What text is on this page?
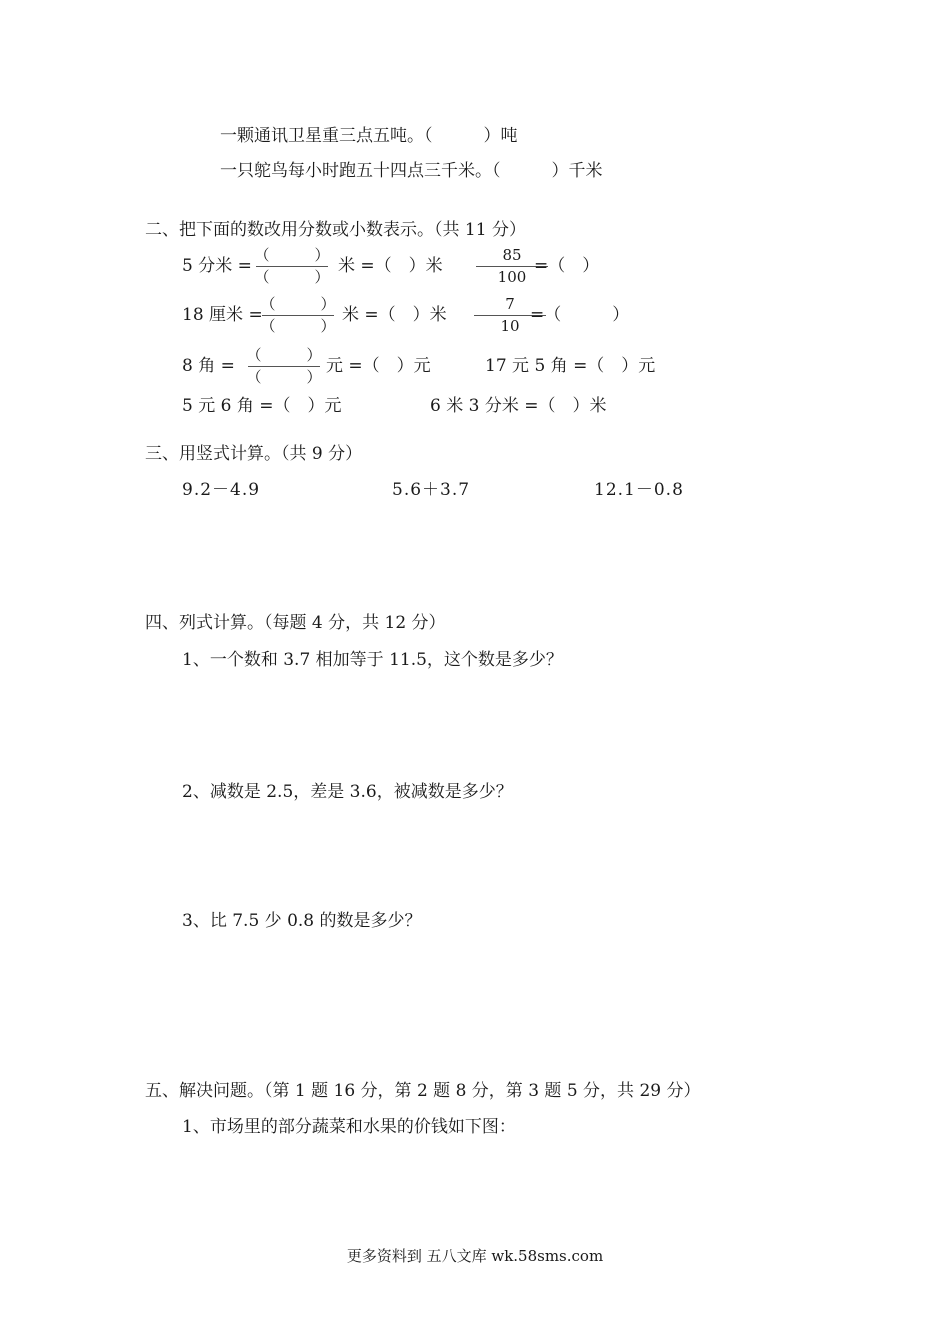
一颗通讯卫星重三点五吨。（　　　）吨
一只鸵鸟每小时跑五十四点三千米。（　　　）千米
二、把下面的数改用分数或小数表示。（共 11 分）
5 分米 =
（　　　）
（　　　）
米 =（　）米
85
100
=（　）
18 厘米 =
（　　　）
（　　　）
米 =（　）米
7
10
=（　　　）
8 角 =
（　　　）
（　　　）
元 =（　）元	17 元 5 角 =（　）元
5 元 6 角 =（　）元	6 米 3 分米 =（　）米
三、用竖式计算。（共 9 分）
9.2－4.9	5.6＋3.7	12.1－0.8
四、列式计算。（每题 4 分，共 12 分）
1、一个数和 3.7 相加等于 11.5，这个数是多少？
2、减数是 2.5，差是 3.6，被减数是多少？
3、比 7.5 少 0.8 的数是多少？
五、解决问题。（第 1 题 16 分，第 2 题 8 分，第 3 题 5 分，共 29 分）
1、市场里的部分蔬菜和水果的价钱如下图：
更多资料到 五八文库 wk.58sms.com
